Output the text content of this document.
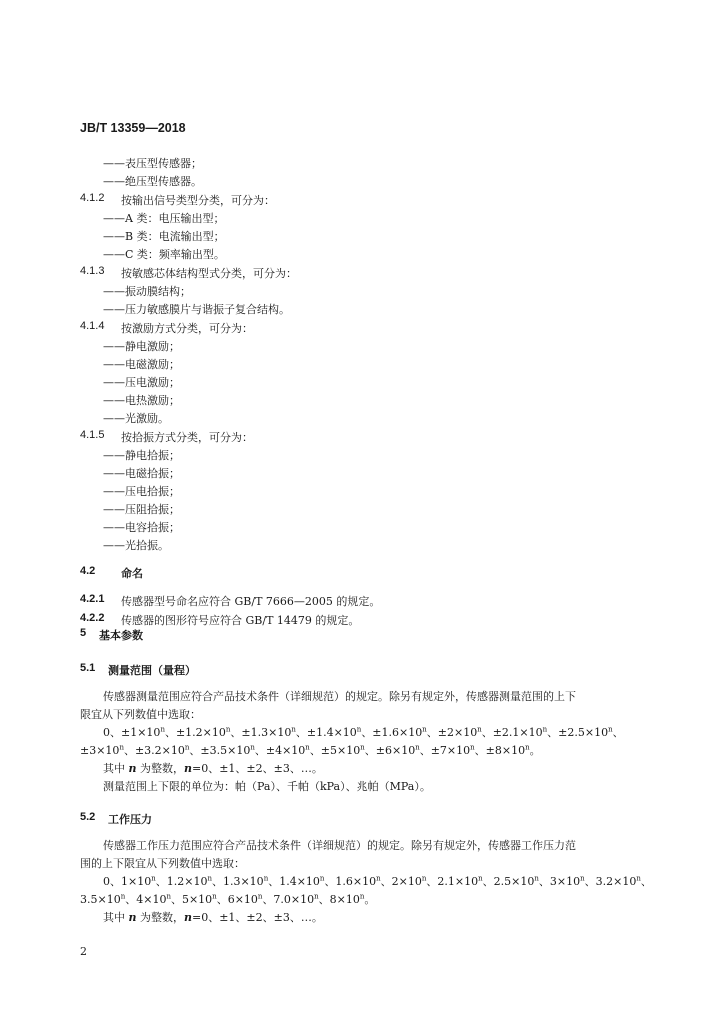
JB/T 13359—2018
——表压型传感器；
——绝压型传感器。
4.1.2 按输出信号类型分类，可分为：
——A 类：电压输出型；
——B 类：电流输出型；
——C 类：频率输出型。
4.1.3 按敏感芯体结构型式分类，可分为：
——振动膜结构；
——压力敏感膜片与谐振子复合结构。
4.1.4 按激励方式分类，可分为：
——静电激励；
——电磁激励；
——压电激励；
——电热激励；
——光激励。
4.1.5 按拾振方式分类，可分为：
——静电拾振；
——电磁拾振；
——压电拾振；
——压阻拾振；
——电容拾振；
——光拾振。
4.2 命名
4.2.1 传感器型号命名应符合 GB/T 7666—2005 的规定。
4.2.2 传感器的图形符号应符合 GB/T 14479 的规定。
5 基本参数
5.1 测量范围（量程）
传感器测量范围应符合产品技术条件（详细规范）的规定。除另有规定外，传感器测量范围的上下
限宜从下列数值中选取：
0、$\pm 1\times 10^n$、$\pm 1.2\times 10^n$、$\pm 1.3\times 10^n$、$\pm 1.4\times 10^n$、$\pm 1.6\times 10^n$、$\pm 2\times 10^n$、$\pm 2.1\times 10^n$、$\pm 2.5\times 10^n$、
$\pm 3\times 10^n$、$\pm 3.2\times 10^n$、$\pm 3.5\times 10^n$、$\pm 4\times 10^n$、$\pm 5\times 10^n$、$\pm 6\times 10^n$、$\pm 7\times 10^n$、$\pm 8\times 10^n$。
其中 n 为整数，n=0、±1、±2、±3、…。
测量范围上下限的单位为：帕（Pa）、千帕（kPa）、兆帕（MPa）。
5.2 工作压力
传感器工作压力范围应符合产品技术条件（详细规范）的规定。除另有规定外，传感器工作压力范
围的上下限宜从下列数值中选取：
0、$1\times 10^n$、$1.2\times 10^n$、$1.3\times 10^n$、$1.4\times 10^n$、$1.6\times 10^n$、$2\times 10^n$、$2.1\times 10^n$、$2.5\times 10^n$、$3\times 10^n$、$3.2\times 10^n$、
$3.5\times 10^n$、$4\times 10^n$、$5\times 10^n$、$6\times 10^n$、$7.0\times 10^n$、$8\times 10^n$。
其中 n 为整数，n=0、±1、±2、±3、…。
2
